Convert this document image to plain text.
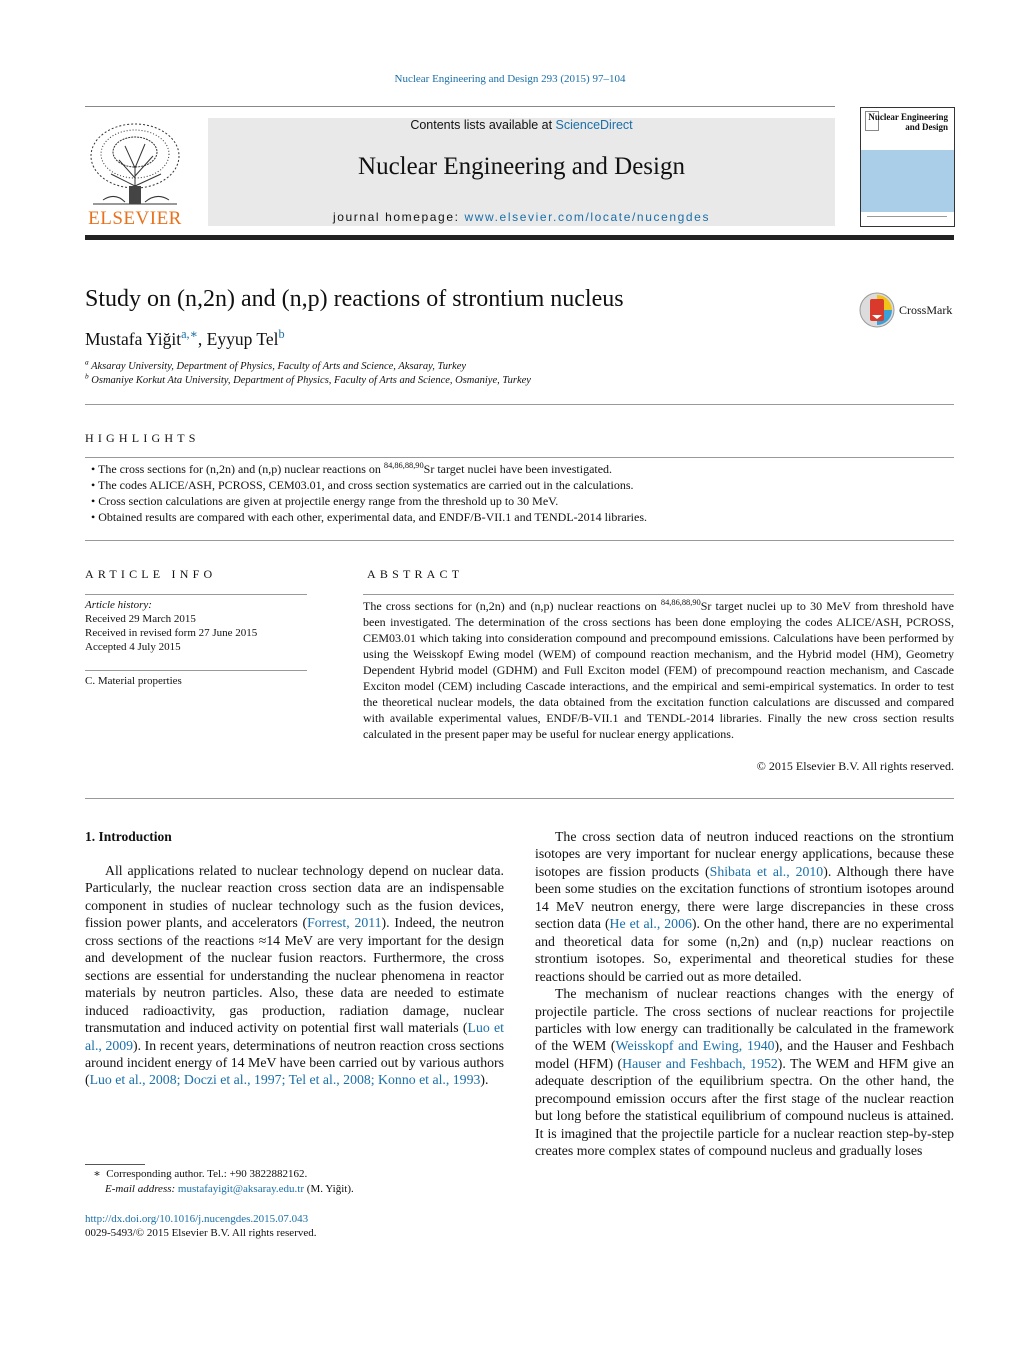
Nuclear Engineering and Design 293 (2015) 97–104
ELSEVIER
Contents lists available at ScienceDirect
Nuclear Engineering and Design
journal homepage: www.elsevier.com/locate/nucengdes
Nuclear Engineering
and Design
Study on (n,2n) and (n,p) reactions of strontium nucleus	CrossMark
Mustafa Yiğit$^{a,∗}$, Eyyup Tel$^b$
$^a$ Aksaray University, Department of Physics, Faculty of Arts and Science, Aksaray, Turkey
$^b$ Osmaniye Korkut Ata University, Department of Physics, Faculty of Arts and Science, Osmaniye, Turkey
HIGHLIGHTS
• The cross sections for (n,2n) and (n,p) nuclear reactions on $^{84,86,88,90}$Sr target nuclei have been investigated.
• The codes ALICE/ASH, PCROSS, CEM03.01, and cross section systematics are carried out in the calculations.
• Cross section calculations are given at projectile energy range from the threshold up to 30 MeV.
• Obtained results are compared with each other, experimental data, and ENDF/B-VII.1 and TENDL-2014 libraries.
ARTICLE INFO
Article history:
Received 29 March 2015
Received in revised form 27 June 2015
Accepted 4 July 2015
C. Material properties
ABSTRACT
The cross sections for (n,2n) and (n,p) nuclear reactions on $^{84,86,88,90}$Sr target nuclei up to 30 MeV from threshold have been investigated. The determination of the cross sections has been done employing the codes ALICE/ASH, PCROSS, CEM03.01 which taking into consideration compound and precompound emissions. Calculations have been performed by using the Weisskopf Ewing model (WEM) of compound reaction mechanism, and the Hybrid model (HM), Geometry Dependent Hybrid model (GDHM) and Full Exciton model (FEM) of precompound reaction mechanism, and Cascade Exciton model (CEM) including Cascade interactions, and the empirical and semi-empirical systematics. In order to test the theoretical nuclear models, the data obtained from the excitation function calculations are discussed and compared with available experimental values, ENDF/B-VII.1 and TENDL-2014 libraries. Finally the new cross section results calculated in the present paper may be useful for nuclear energy applications.
© 2015 Elsevier B.V. All rights reserved.
1. Introduction
All applications related to nuclear technology depend on nuclear data. Particularly, the nuclear reaction cross section data are an indispensable component in studies of nuclear technology such as the fusion devices, fission power plants, and accelerators (Forrest, 2011). Indeed, the neutron cross sections of the reactions ≈14 MeV are very important for the design and development of the nuclear fusion reactors. Furthermore, the cross sections are essential for understanding the nuclear phenomena in reactor materials by neutron particles. Also, these data are needed to estimate induced radioactivity, gas production, radiation damage, nuclear transmutation and induced activity on potential first wall materials (Luo et al., 2009). In recent years, determinations of neutron reaction cross sections around incident energy of 14 MeV have been carried out by various authors (Luo et al., 2008; Doczi et al., 1997; Tel et al., 2008; Konno et al., 1993).

The cross section data of neutron induced reactions on the strontium isotopes are very important for nuclear energy applications, because these isotopes are fission products (Shibata et al., 2010). Although there have been some studies on the excitation functions of strontium isotopes around 14 MeV neutron energy, there were large discrepancies in these cross section data (He et al., 2006). On the other hand, there are no experimental and theoretical data for some (n,2n) and (n,p) nuclear reactions on strontium isotopes. So, experimental and theoretical studies for these reactions should be carried out as more detailed.

The mechanism of nuclear reactions changes with the energy of projectile particle. The cross sections of nuclear reactions for projectile particles with low energy can traditionally be calculated in the framework of the WEM (Weisskopf and Ewing, 1940), and the Hauser and Feshbach model (HFM) (Hauser and Feshbach, 1952). The WEM and HFM give an adequate description of the equilibrium spectra. On the other hand, the precompound emission occurs after the first stage of the nuclear reaction but long before the statistical equilibrium of compound nucleus is attained. It is imagined that the projectile particle for a nuclear reaction step-by-step creates more complex states of compound nucleus and gradually loses

∗ Corresponding author. Tel.: +90 3822882162.
E-mail address: mustafayigit@aksaray.edu.tr (M. Yiğit).
http://dx.doi.org/10.1016/j.nucengdes.2015.07.043
0029-5493/© 2015 Elsevier B.V. All rights reserved.
